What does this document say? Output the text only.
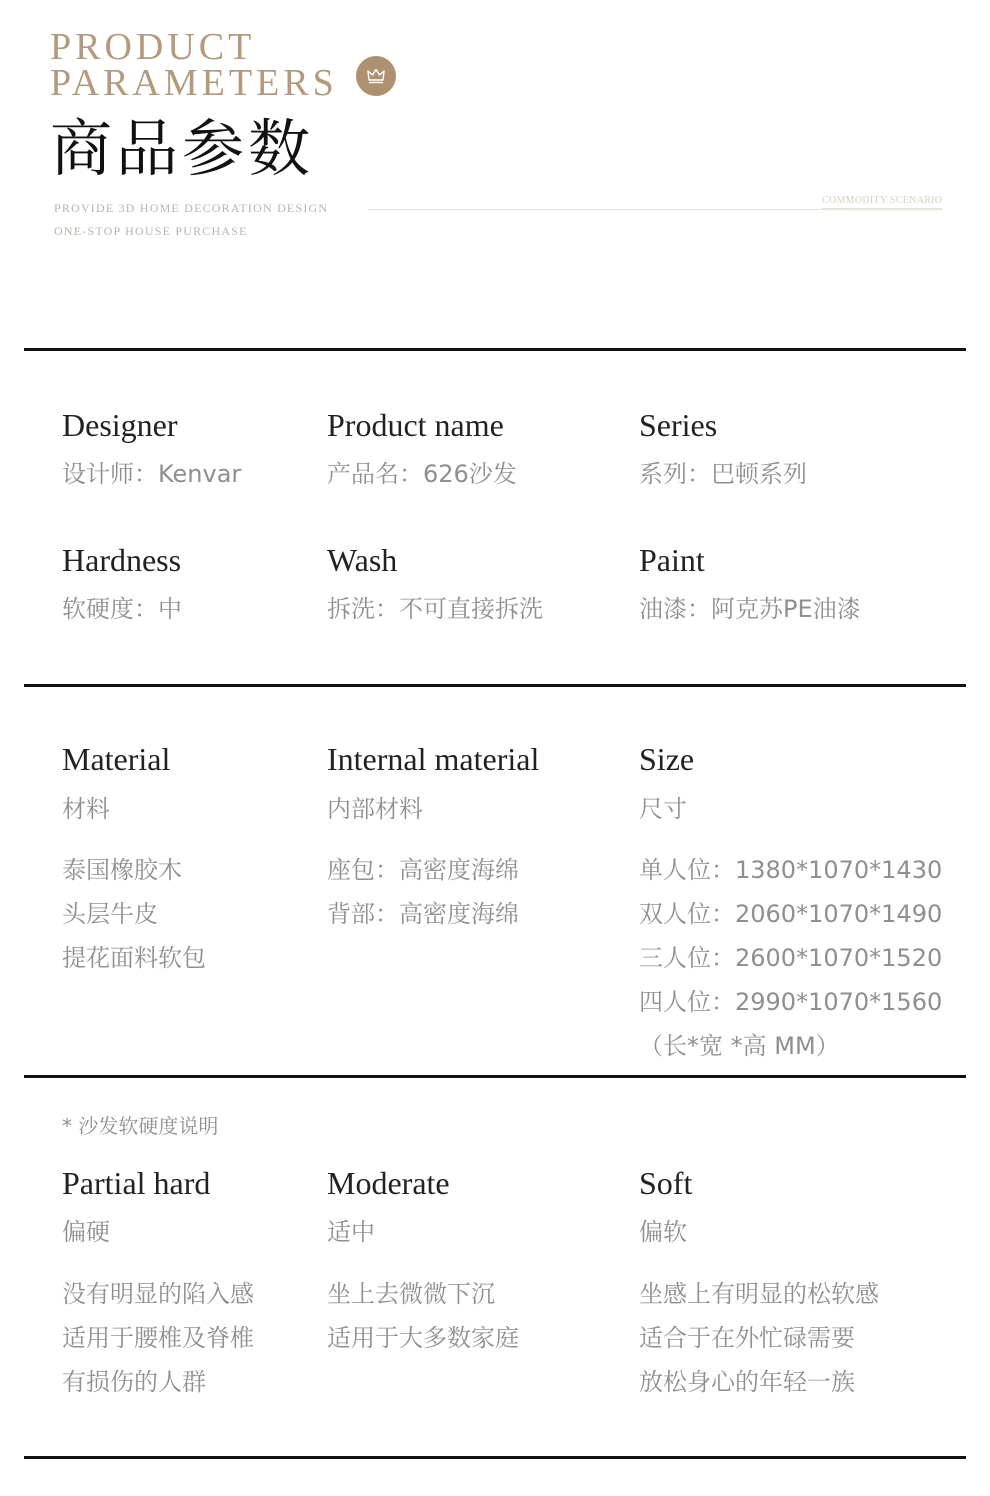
PRODUCT
PARAMETERS
商品参数
PROVIDE 3D HOME DECORATION DESIGN
ONE-STOP HOUSE PURCHASE
COMMODITY SCENARIO
Designer
设计师：Kenvar
Product name
产品名：626沙发
Series
系列：巴顿系列
Hardness
软硬度：中
Wash
拆洗：不可直接拆洗
Paint
油漆：阿克苏PE油漆
Material
材料
泰国橡胶木
头层牛皮
提花面料软包
Internal material
内部材料
座包：高密度海绵
背部：高密度海绵
Size
尺寸
单人位：1380*1070*1430
双人位：2060*1070*1490
三人位：2600*1070*1520
四人位：2990*1070*1560
（长*宽 *高 MM）
* 沙发软硬度说明
Partial hard
偏硬
没有明显的陷入感
适用于腰椎及脊椎
有损伤的人群
Moderate
适中
坐上去微微下沉
适用于大多数家庭
Soft
偏软
坐感上有明显的松软感
适合于在外忙碌需要
放松身心的年轻一族
